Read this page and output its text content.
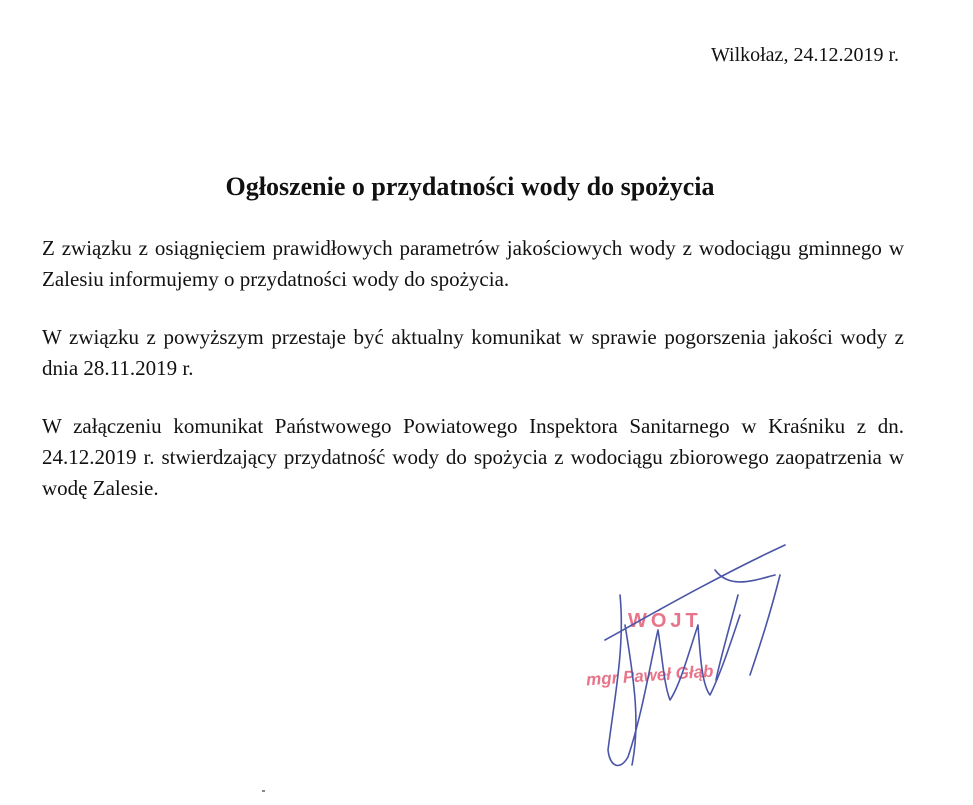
Wilkołaz, 24.12.2019 r.
Ogłoszenie o przydatności wody do spożycia

Z związku z osiągnięciem prawidłowych parametrów jakościowych wody z wodociągu gminnego w Zalesiu informujemy o przydatności wody do spożycia.

W związku z powyższym przestaje być aktualny komunikat w sprawie pogorszenia jakości wody z dnia 28.11.2019 r.

W załączeniu komunikat Państwowego Powiatowego Inspektora Sanitarnego w Kraśniku z dn. 24.12.2019 r. stwierdzający przydatność wody do spożycia z wodociągu zbiorowego zaopatrzenia w wodę Zalesie.

WÓJT
mgr Paweł Głąb
